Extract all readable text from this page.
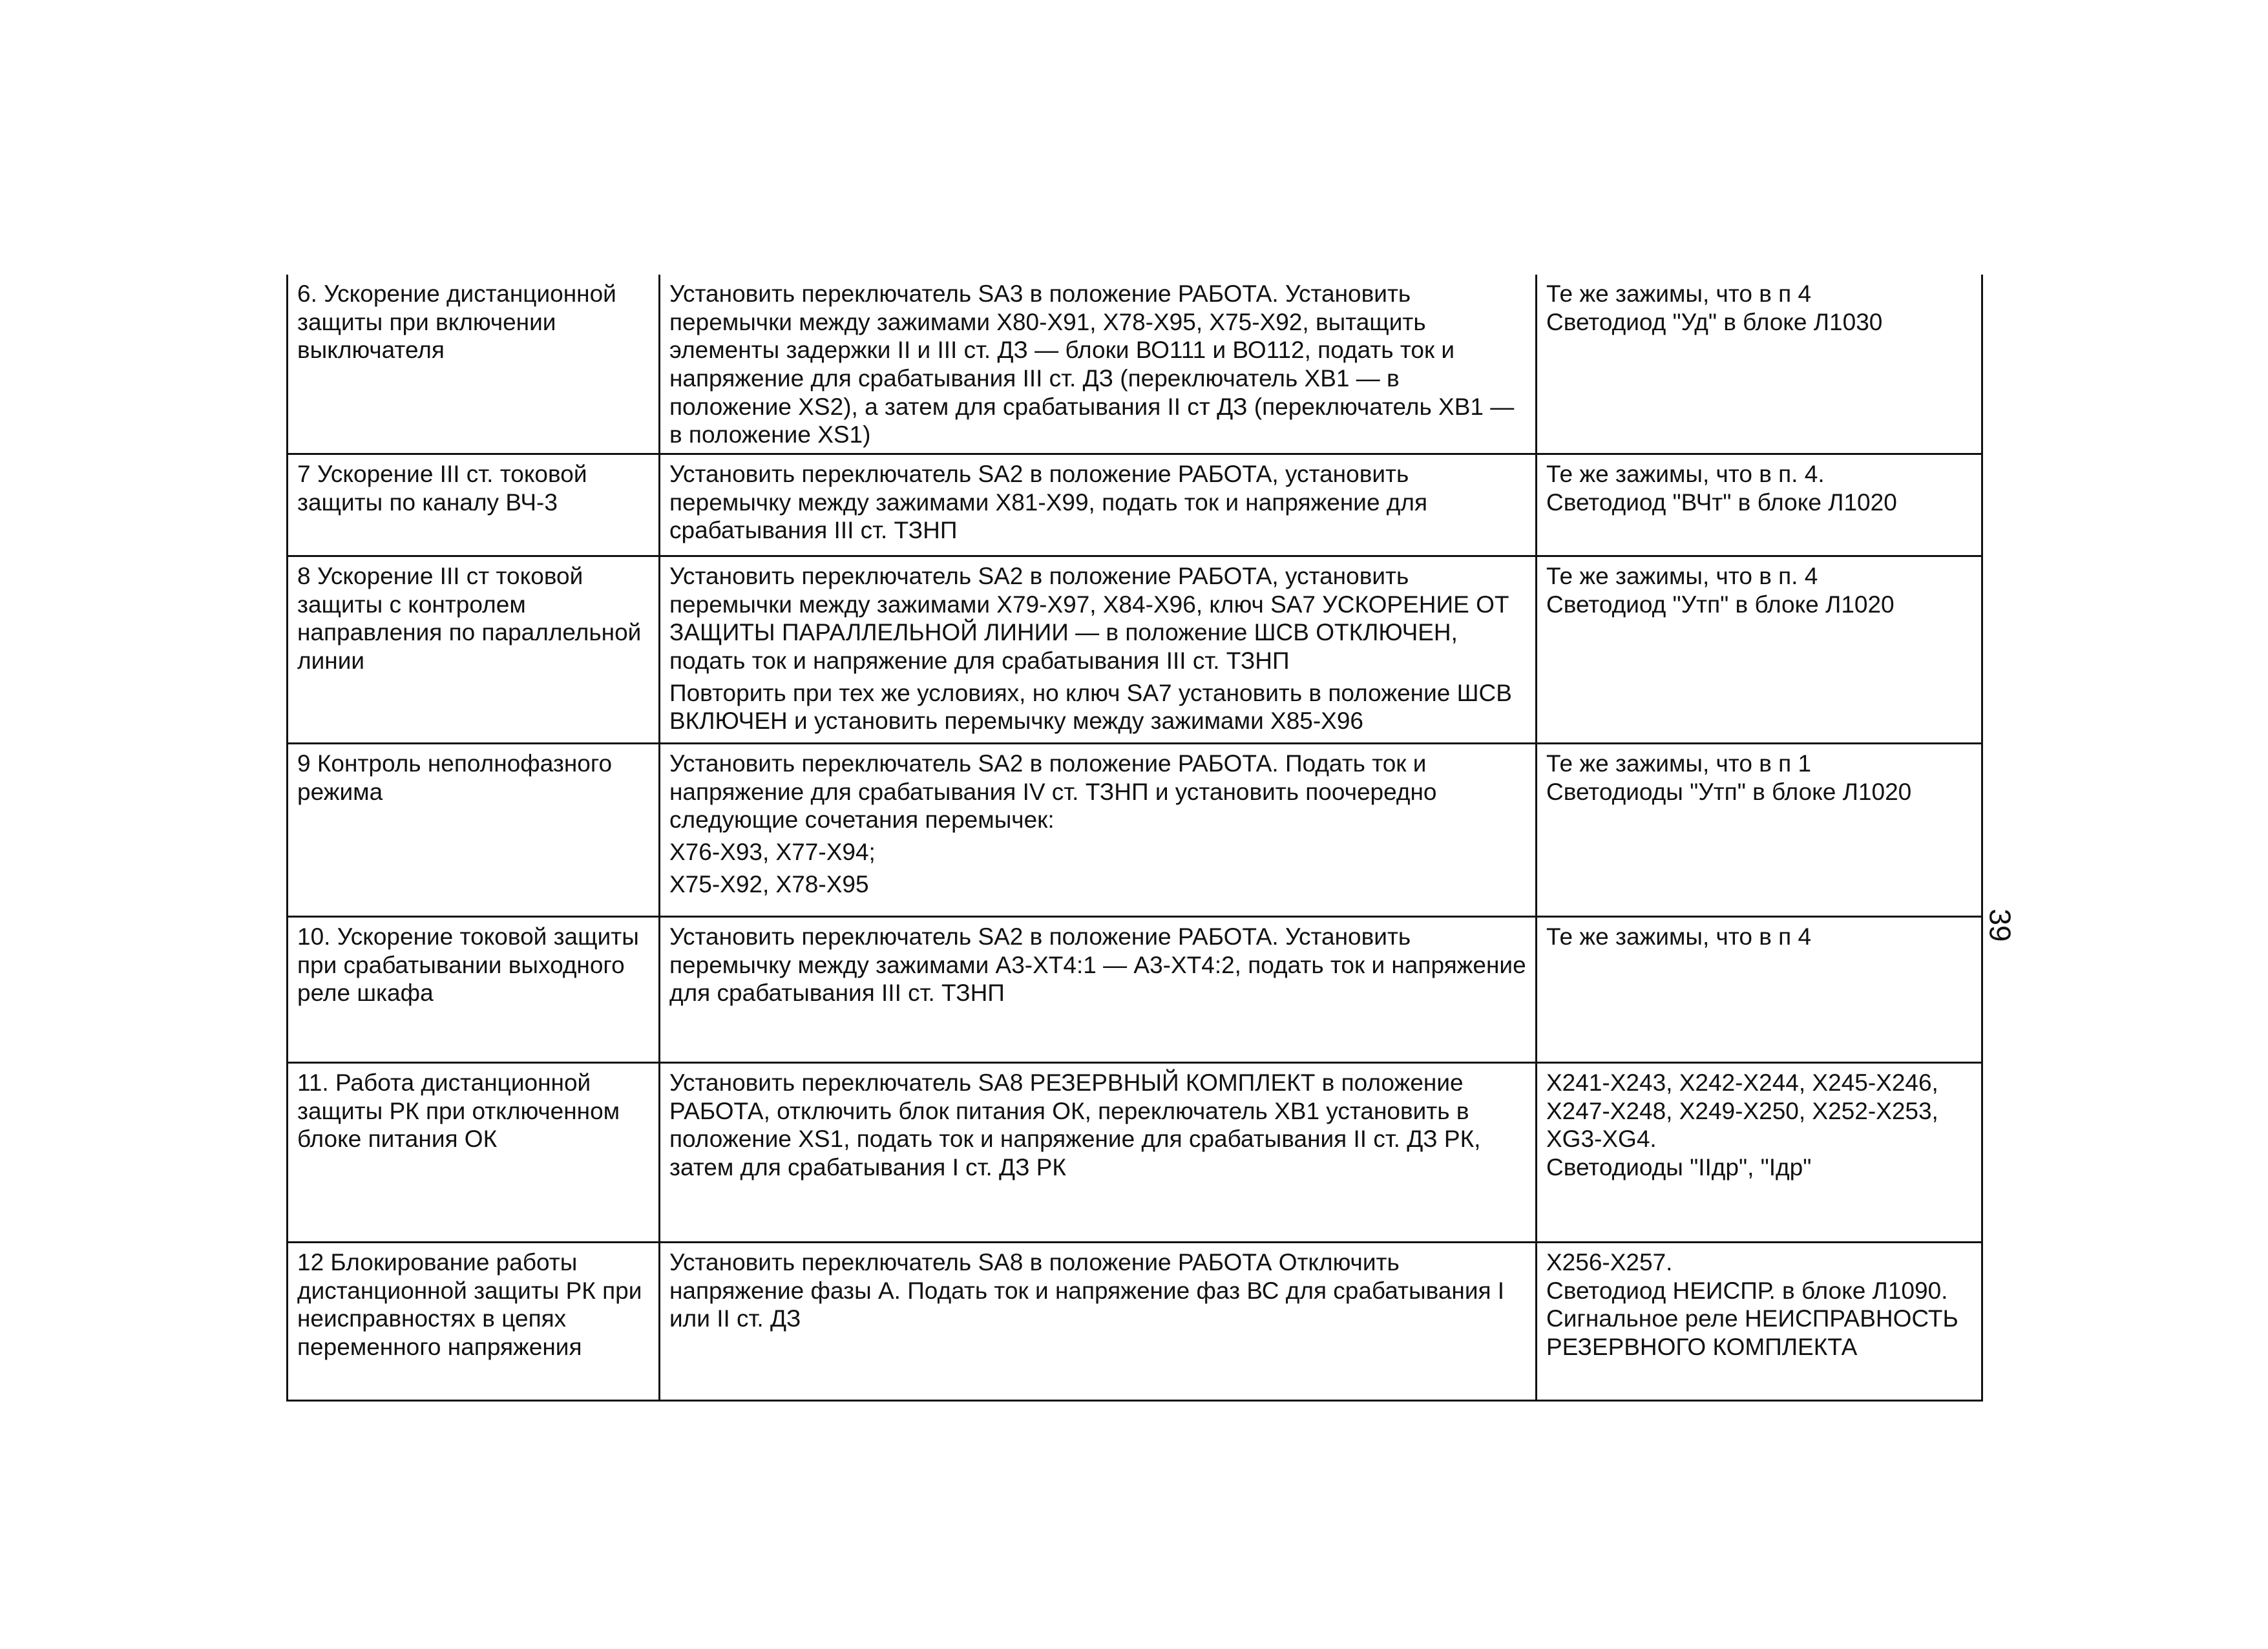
6. Ускорение дистанционной защиты при включении выключателя	Установить переключатель SA3 в положение РАБОТА. Установить перемычки между зажимами Х80-Х91, Х78-Х95, Х75-Х92, вытащить элементы задержки II и III ст. ДЗ — блоки ВО111 и ВО112, подать ток и напряжение для срабатывания III ст. ДЗ (переключатель ХВ1 — в положение XS2), а затем для срабатывания II ст ДЗ (переключатель ХВ1 — в положение XS1)	Те же зажимы, что в п 4
Светодиод "Уд" в блоке Л1030

7 Ускорение III ст. токовой защиты по каналу ВЧ-3	Установить переключатель SA2 в положение РАБОТА, установить перемычку между зажимами Х81-Х99, подать ток и напряжение для срабатывания III ст. ТЗНП	Те же зажимы, что в п. 4.
Светодиод "ВЧт" в блоке Л1020

8 Ускорение III ст токовой защиты с контролем направления по параллельной линии	Установить переключатель SA2 в положение РАБОТА, установить перемычки между зажимами Х79-Х97, Х84-Х96, ключ SA7 УСКОРЕНИЕ ОТ ЗАЩИТЫ ПАРАЛЛЕЛЬНОЙ ЛИНИИ — в положение ШСВ ОТКЛЮЧЕН, подать ток и напряжение для срабатывания III ст. ТЗНП
Повторить при тех же условиях, но ключ SA7 установить в положение ШСВ ВКЛЮЧЕН и установить перемычку между зажимами Х85-Х96	Те же зажимы, что в п. 4
Светодиод "Утп" в блоке Л1020

9 Контроль неполнофазного режима	Установить переключатель SA2 в положение РАБОТА. Подать ток и напряжение для срабатывания IV ст. ТЗНП и установить поочередно следующие сочетания перемычек:
Х76-Х93, Х77-Х94;
Х75-Х92, Х78-Х95	Те же зажимы, что в п 1
Светодиоды "Утп" в блоке Л1020

10. Ускорение токовой защиты при срабатывании выходного реле шкафа	Установить переключатель SA2 в положение РАБОТА. Установить перемычку между зажимами А3-ХТ4:1 — А3-ХТ4:2, подать ток и напряжение для срабатывания III ст. ТЗНП	Те же зажимы, что в п 4

11. Работа дистанционной защиты РК при отключенном блоке питания ОК	Установить переключатель SA8 РЕЗЕРВНЫЙ КОМПЛЕКТ в положение РАБОТА, отключить блок питания ОК, переключатель ХВ1 установить в положение XS1, подать ток и напряжение для срабатывания II ст. ДЗ РК, затем для срабатывания I ст. ДЗ РК	Х241-Х243, Х242-Х244, Х245-Х246, Х247-Х248, Х249-Х250, Х252-Х253, XG3-XG4.
Светодиоды "IIдр", "Iдр"

12 Блокирование работы дистанционной защиты РК при неисправностях в цепях переменного напряжения	Установить переключатель SA8 в положение РАБОТА Отключить напряжение фазы А. Подать ток и напряжение фаз ВС для срабатывания I или II ст. ДЗ	Х256-Х257.
Светодиод НЕИСПР. в блоке Л1090.
Сигнальное реле НЕИСПРАВНОСТЬ РЕЗЕРВНОГО КОМПЛЕКТА
39
